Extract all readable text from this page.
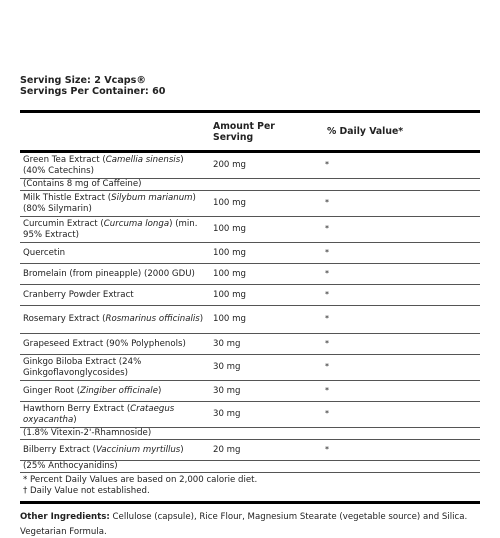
Serving Size: 2 Vcaps®
Servings Per Container: 60
	Amount Per Serving	% Daily Value*
Green Tea Extract (Camellia sinensis) (40% Catechins)	200 mg	*
(Contains 8 mg of Caffeine)		
Milk Thistle Extract (Silybum marianum) (80% Silymarin)	100 mg	*
Curcumin Extract (Curcuma longa) (min. 95% Extract)	100 mg	*
Quercetin	100 mg	*
Bromelain (from pineapple) (2000 GDU)	100 mg	*
Cranberry Powder Extract	100 mg	*
Rosemary Extract (Rosmarinus officinalis)	100 mg	*
Grapeseed Extract (90% Polyphenols)	30 mg	*
Ginkgo Biloba Extract (24% Ginkgoflavonglycosides)	30 mg	*
Ginger Root (Zingiber officinale)	30 mg	*
Hawthorn Berry Extract (Crataegus oxyacantha)	30 mg	*
(1.8% Vitexin-2'-Rhamnoside)		
Bilberry Extract (Vaccinium myrtillus)	20 mg	*
(25% Anthocyanidins)		
* Percent Daily Values are based on 2,000 calorie diet.
† Daily Value not established.
Other Ingredients: Cellulose (capsule), Rice Flour, Magnesium Stearate (vegetable source) and Silica.
Vegetarian Formula.
